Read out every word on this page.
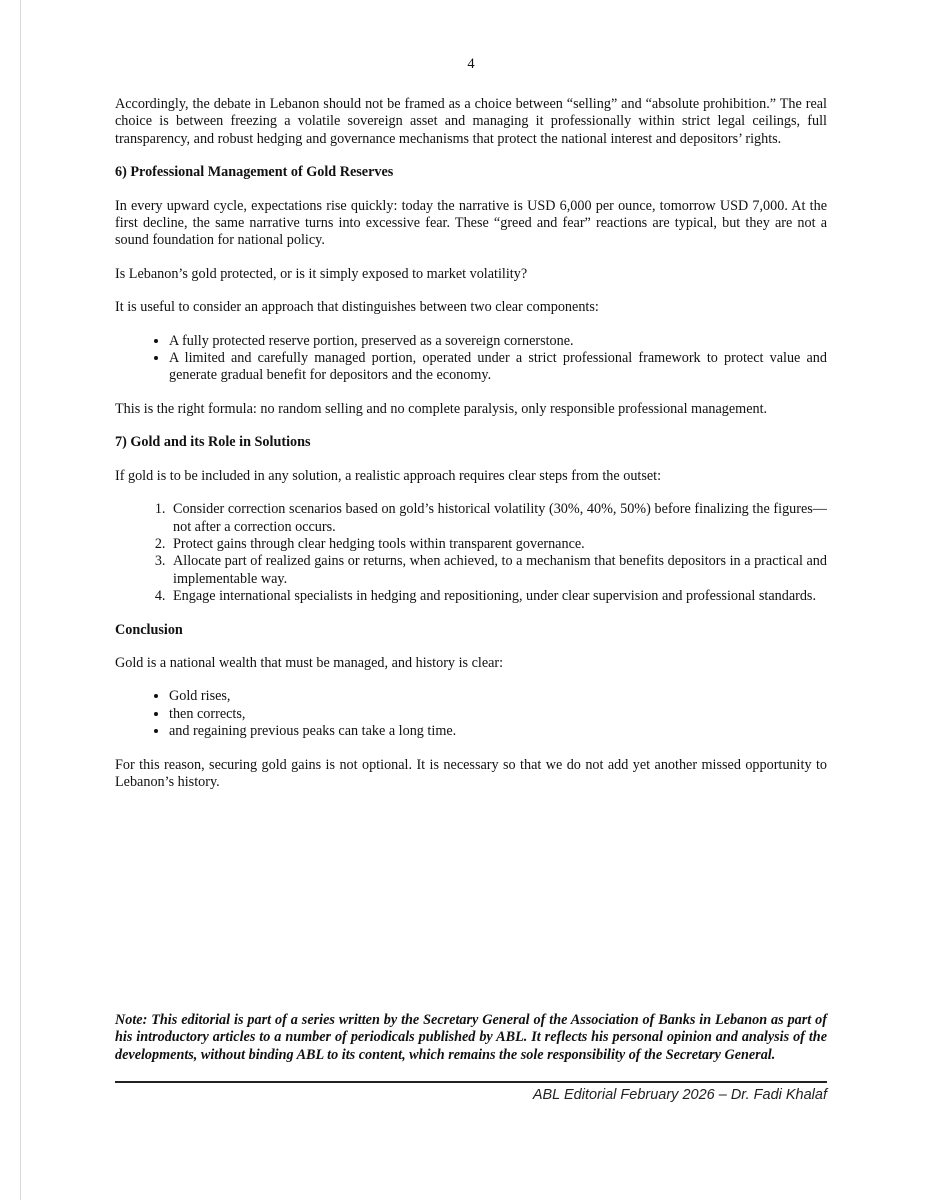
4

Accordingly, the debate in Lebanon should not be framed as a choice between “selling” and “absolute prohibition.” The real choice is between freezing a volatile sovereign asset and managing it professionally within strict legal ceilings, full transparency, and robust hedging and governance mechanisms that protect the national interest and depositors’ rights.

6) Professional Management of Gold Reserves

In every upward cycle, expectations rise quickly: today the narrative is USD 6,000 per ounce, tomorrow USD 7,000. At the first decline, the same narrative turns into excessive fear. These “greed and fear” reactions are typical, but they are not a sound foundation for national policy.

Is Lebanon’s gold protected, or is it simply exposed to market volatility?

It is useful to consider an approach that distinguishes between two clear components:

• A fully protected reserve portion, preserved as a sovereign cornerstone.
• A limited and carefully managed portion, operated under a strict professional framework to protect value and generate gradual benefit for depositors and the economy.

This is the right formula: no random selling and no complete paralysis, only responsible professional management.

7) Gold and its Role in Solutions

If gold is to be included in any solution, a realistic approach requires clear steps from the outset:

1. Consider correction scenarios based on gold’s historical volatility (30%, 40%, 50%) before finalizing the figures—not after a correction occurs.
2. Protect gains through clear hedging tools within transparent governance.
3. Allocate part of realized gains or returns, when achieved, to a mechanism that benefits depositors in a practical and implementable way.
4. Engage international specialists in hedging and repositioning, under clear supervision and professional standards.
Conclusion

Gold is a national wealth that must be managed, and history is clear:

• Gold rises,
• then corrects,
• and regaining previous peaks can take a long time.

For this reason, securing gold gains is not optional. It is necessary so that we do not add yet another missed opportunity to Lebanon’s history.

Note: This editorial is part of a series written by the Secretary General of the Association of Banks in Lebanon as part of his introductory articles to a number of periodicals published by ABL. It reflects his personal opinion and analysis of the developments, without binding ABL to its content, which remains the sole responsibility of the Secretary General.

ABL Editorial February 2026 – Dr. Fadi Khalaf
